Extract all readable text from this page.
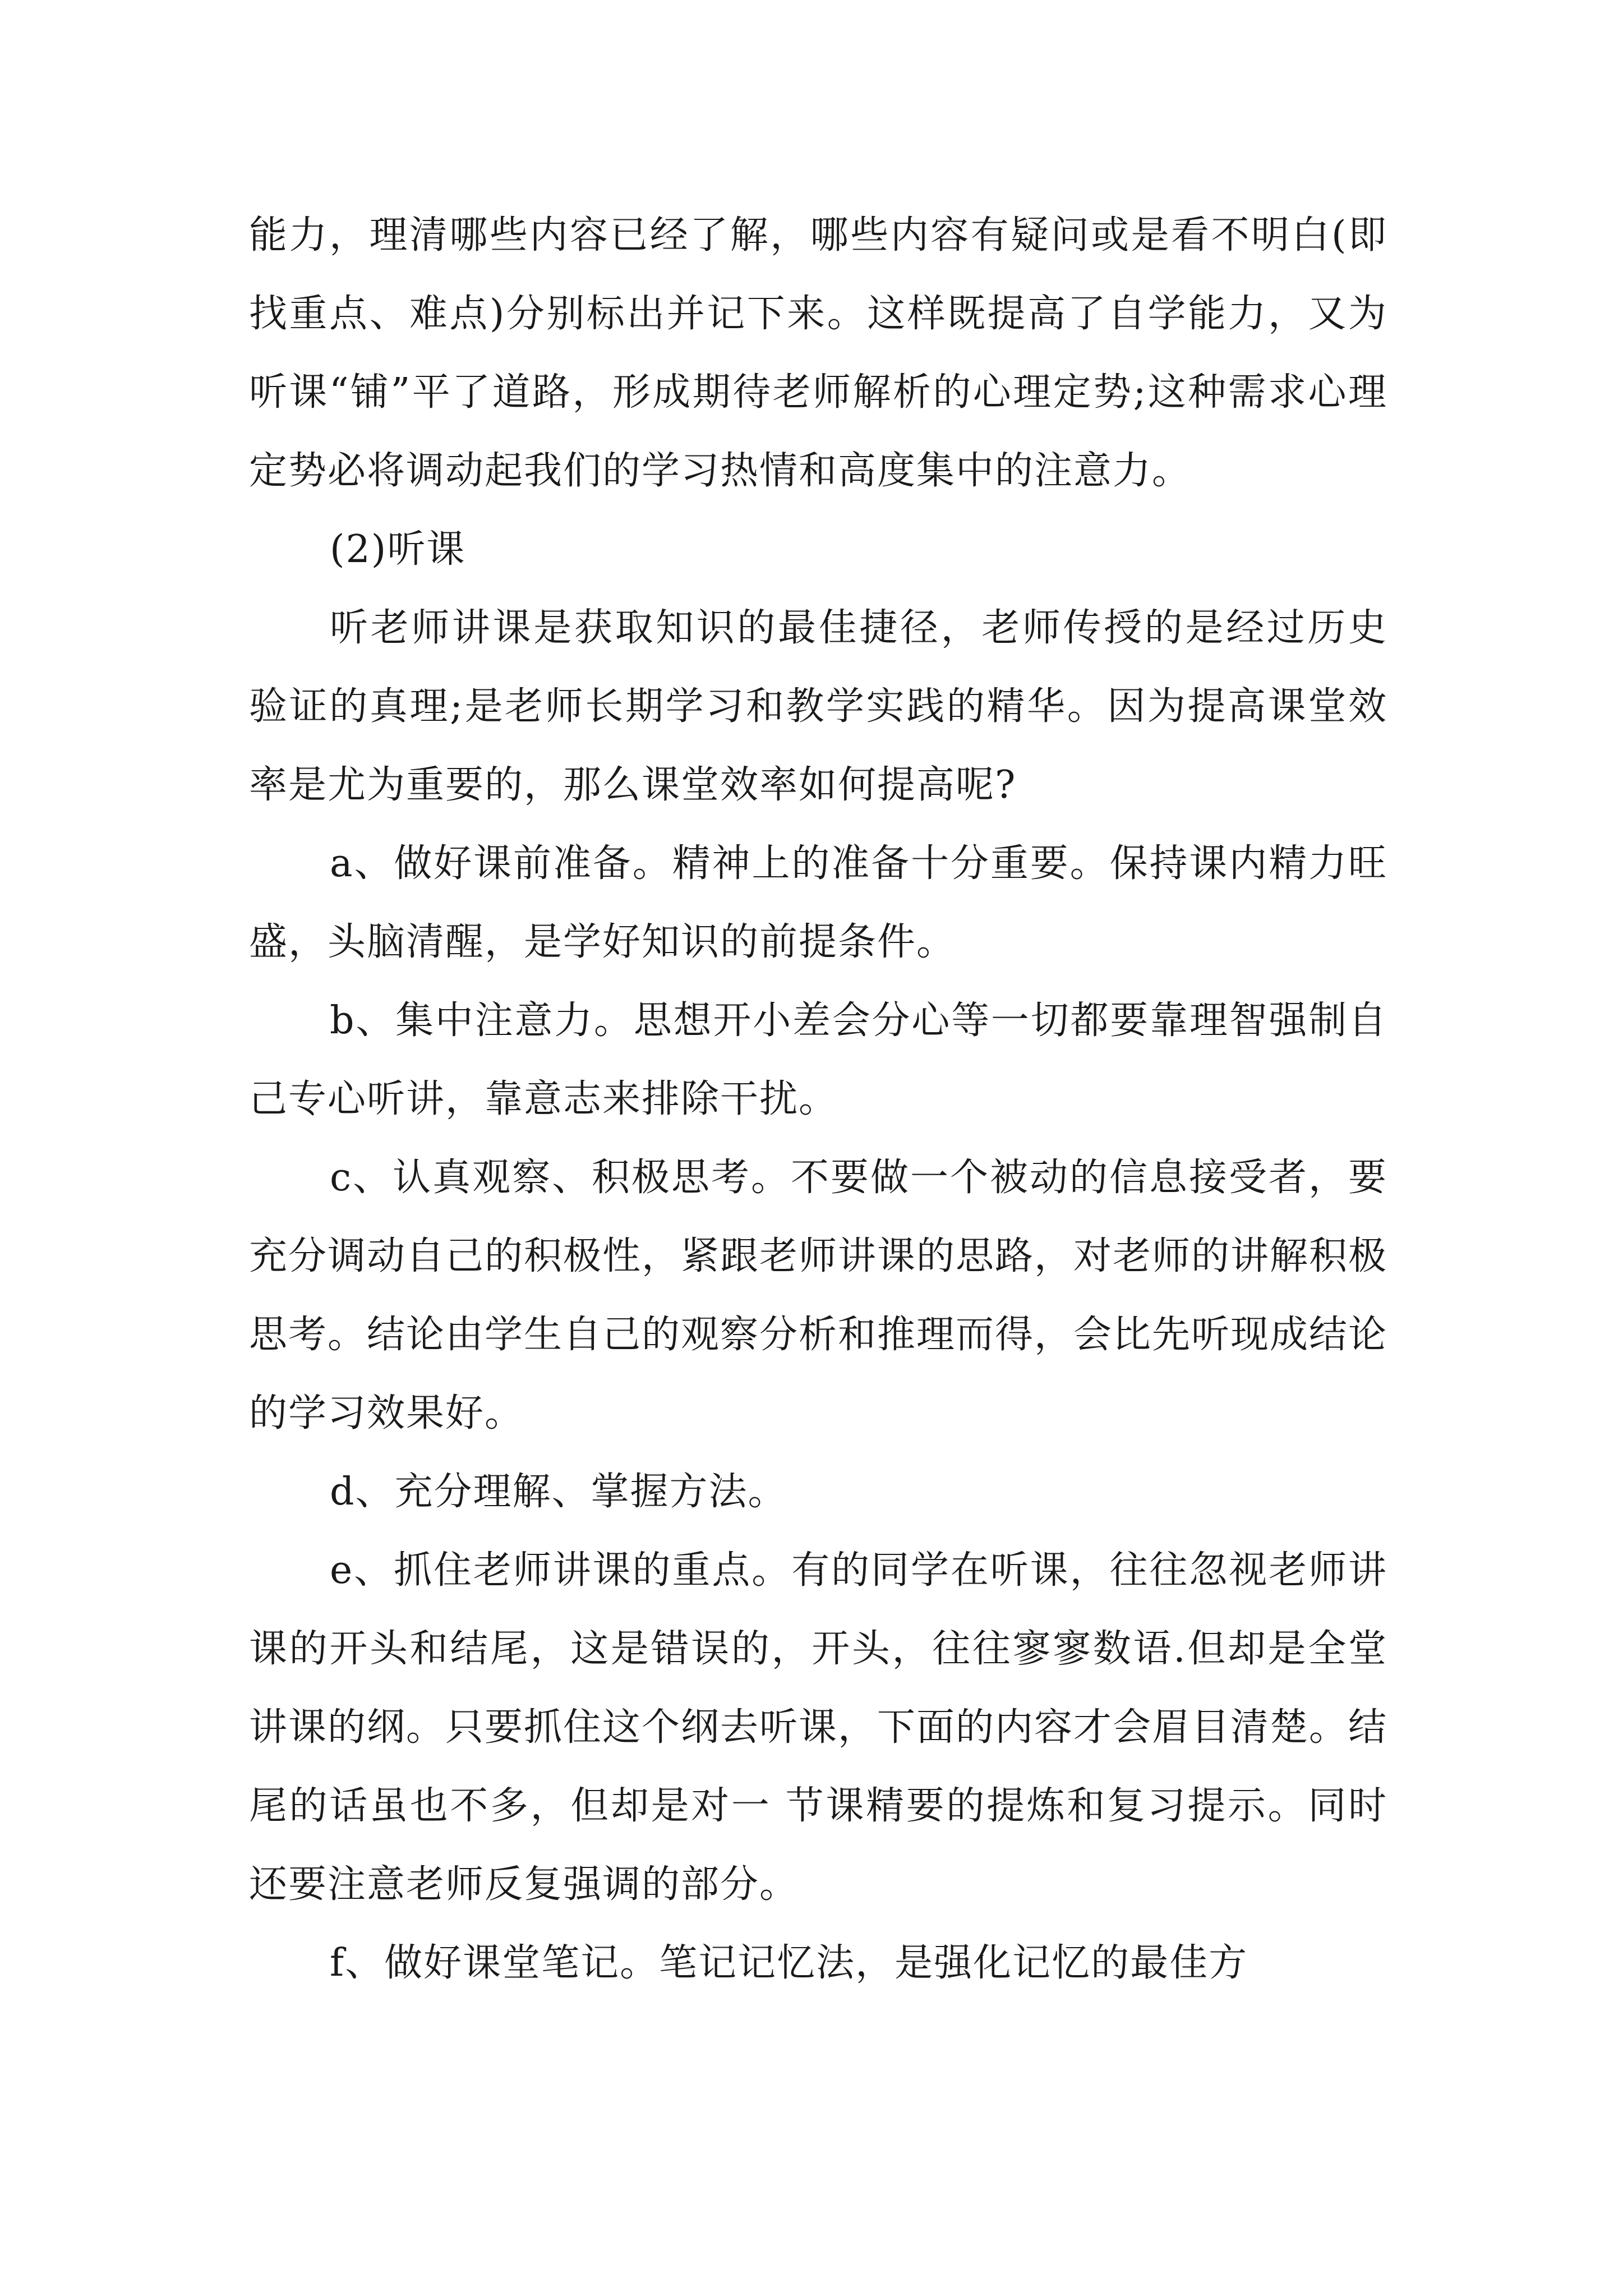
能力，理清哪些内容已经了解，哪些内容有疑问或是看不明白(即找重点、难点)分别标出并记下来。这样既提高了自学能力，又为听课“铺”平了道路，形成期待老师解析的心理定势;这种需求心理定势必将调动起我们的学习热情和高度集中的注意力。

(2)听课

听老师讲课是获取知识的最佳捷径，老师传授的是经过历史验证的真理;是老师长期学习和教学实践的精华。因为提高课堂效率是尤为重要的，那么课堂效率如何提高呢?

a、做好课前准备。精神上的准备十分重要。保持课内精力旺盛，头脑清醒，是学好知识的前提条件。

b、集中注意力。思想开小差会分心等一切都要靠理智强制自己专心听讲，靠意志来排除干扰。

c、认真观察、积极思考。不要做一个被动的信息接受者，要充分调动自己的积极性，紧跟老师讲课的思路，对老师的讲解积极思考。结论由学生自己的观察分析和推理而得，会比先听现成结论的学习效果好。

d、充分理解、掌握方法。

e、抓住老师讲课的重点。有的同学在听课，往往忽视老师讲课的开头和结尾，这是错误的，开头，往往寥寥数语.但却是全堂讲课的纲。只要抓住这个纲去听课，下面的内容才会眉目清楚。结尾的话虽也不多，但却是对一 节课精要的提炼和复习提示。同时还要注意老师反复强调的部分。

f、做好课堂笔记。笔记记忆法，是强化记忆的最佳方
